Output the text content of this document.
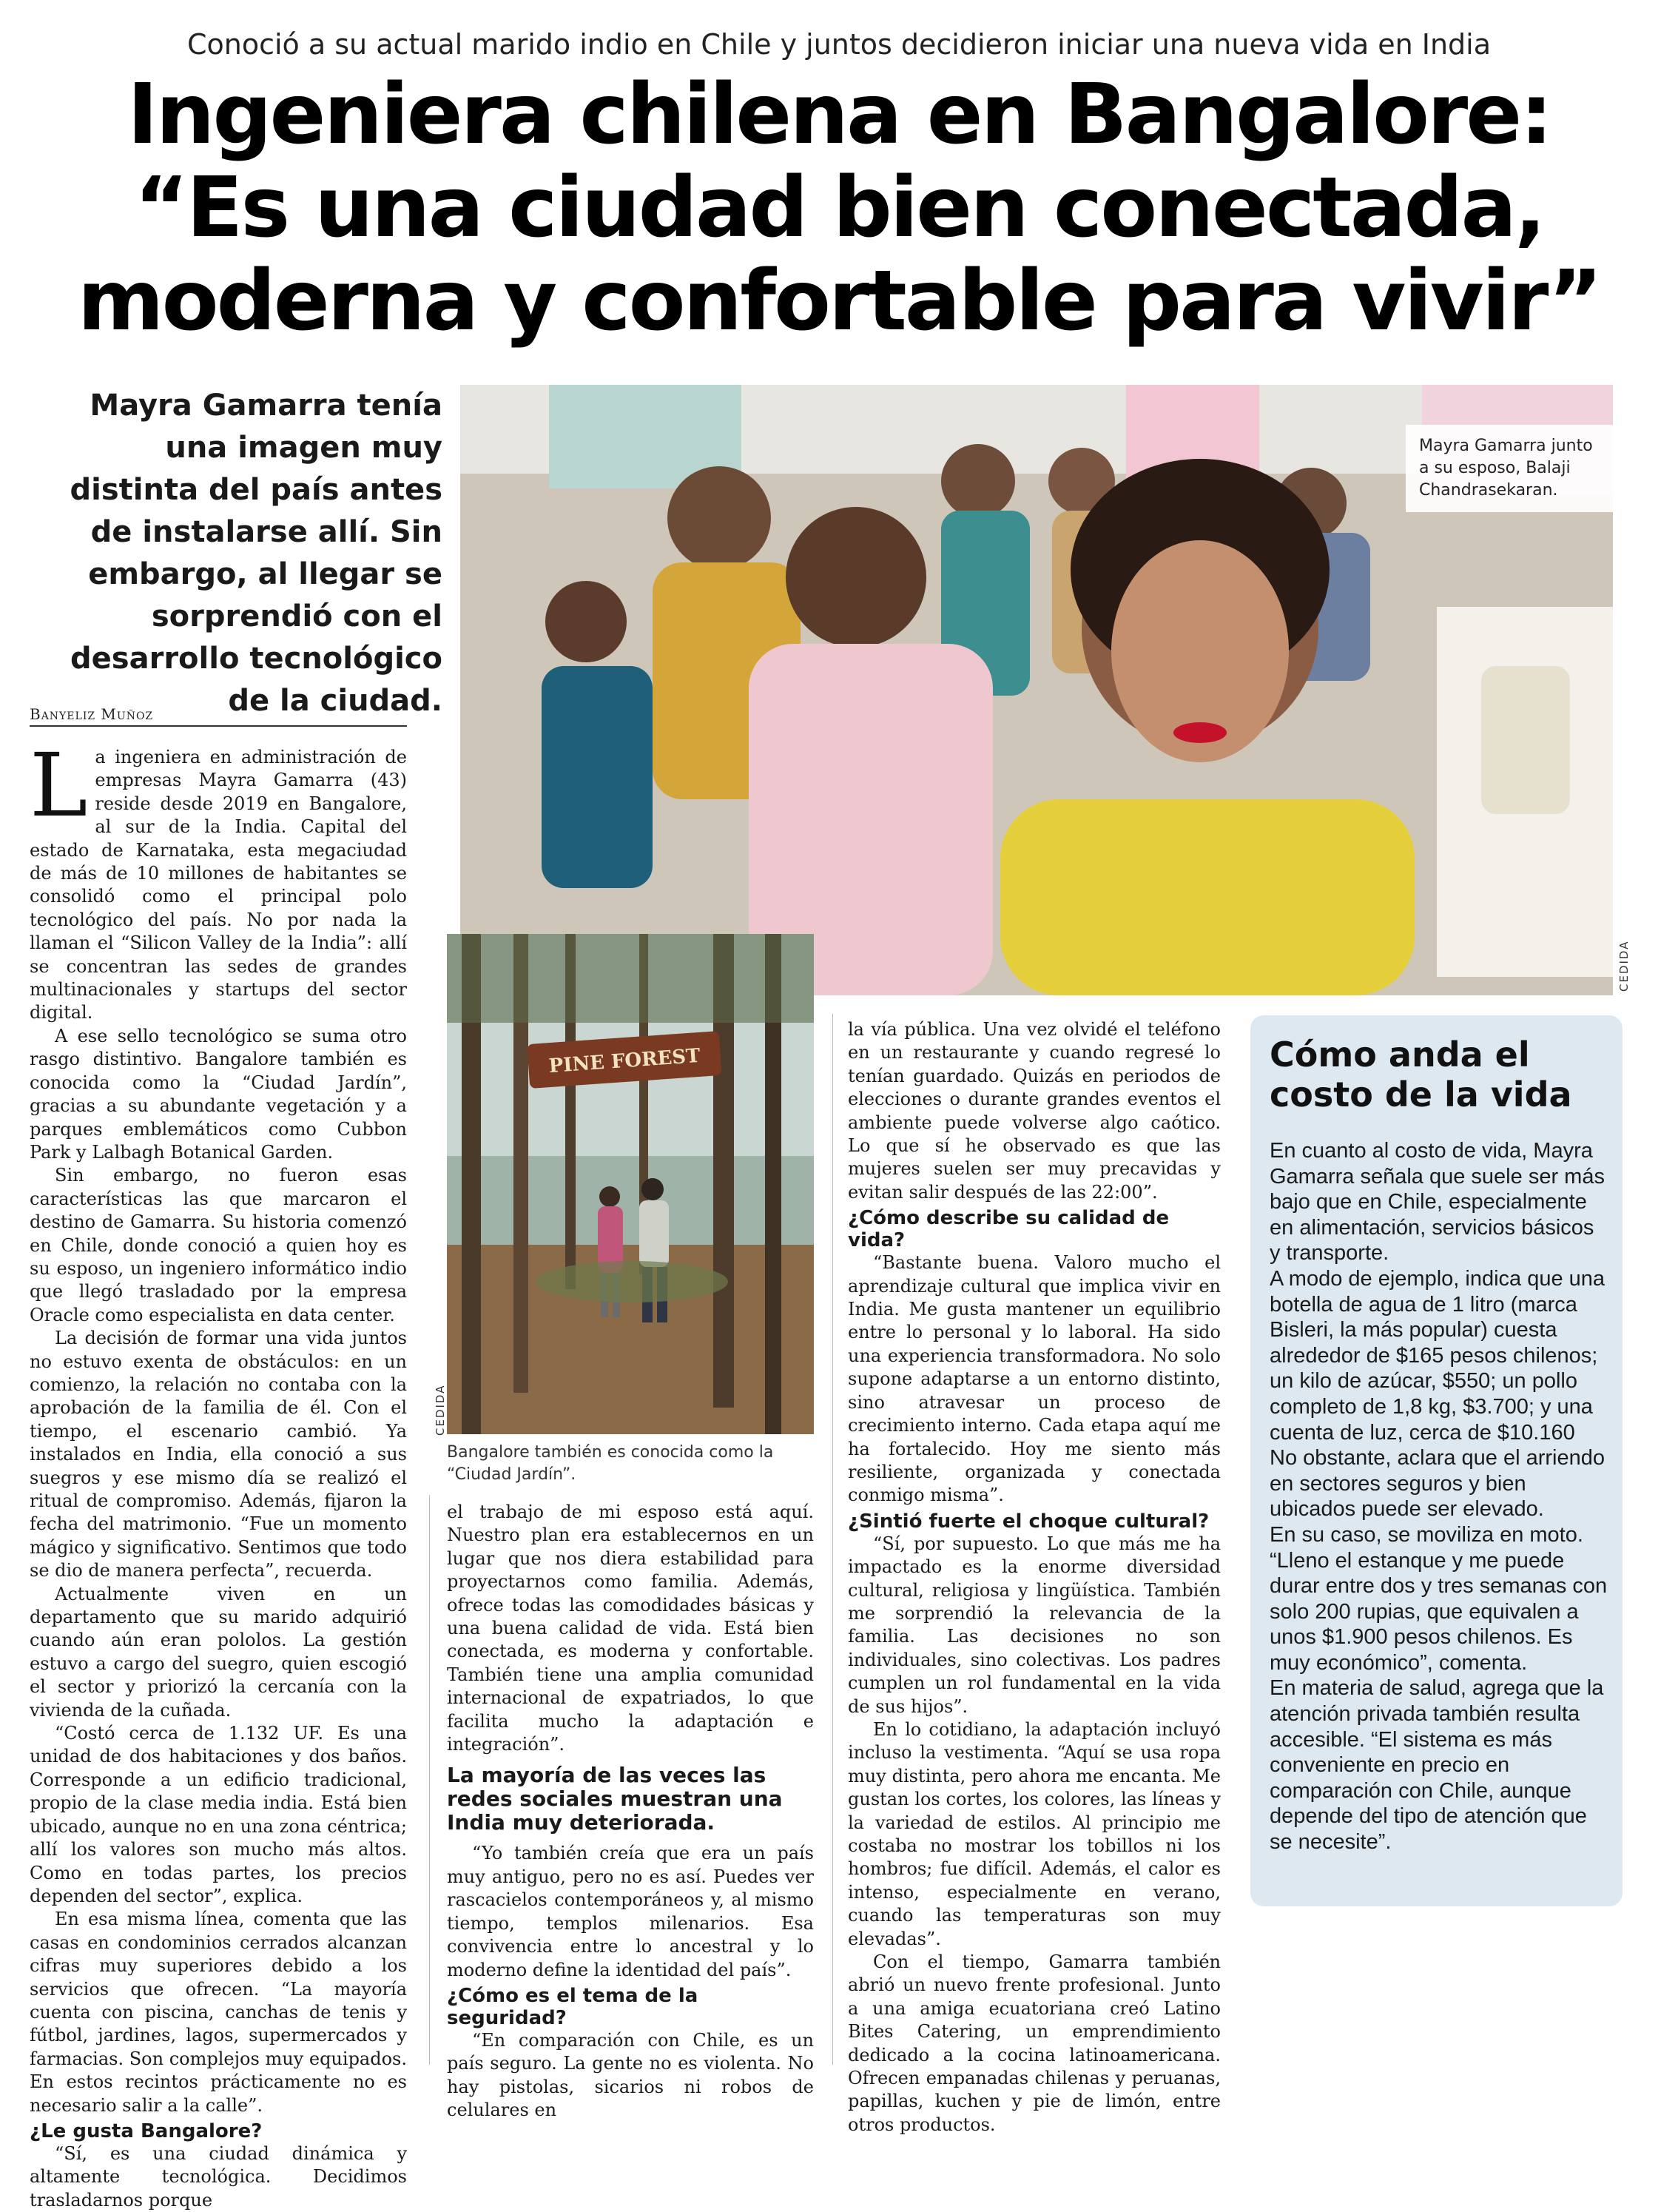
Conoció a su actual marido indio en Chile y juntos decidieron iniciar una nueva vida en India
Ingeniera chilena en Bangalore: “Es una ciudad bien conectada, moderna y confortable para vivir”
Mayra Gamarra tenía una imagen muy distinta del país antes de instalarse allí. Sin embargo, al llegar se sorprendió con el desarrollo tecnológico de la ciudad.
Banyeliz Muñoz
Mayra Gamarra junto a su esposo, Balaji Chandrasekaran.
CEDIDA
PINE FOREST
CEDIDA
Bangalore también es conocida como la “Ciudad Jardín”.

La ingeniera en administración de empresas Mayra Gamarra (43) reside desde 2019 en Bangalore, al sur de la India. Capital del estado de Karnataka, esta megaciudad de más de 10 millones de habitantes se consolidó como el principal polo tecnológico del país. No por nada la llaman el “Silicon Valley de la India”: allí se concentran las sedes de grandes multinacionales y startups del sector digital.

A ese sello tecnológico se suma otro rasgo distintivo. Bangalore también es conocida como la “Ciudad Jardín”, gracias a su abundante vegetación y a parques emblemáticos como Cubbon Park y Lalbagh Botanical Garden.

Sin embargo, no fueron esas características las que marcaron el destino de Gamarra. Su historia comenzó en Chile, donde conoció a quien hoy es su esposo, un ingeniero informático indio que llegó trasladado por la empresa Oracle como especialista en data center.

La decisión de formar una vida juntos no estuvo exenta de obstáculos: en un comienzo, la relación no contaba con la aprobación de la familia de él. Con el tiempo, el escenario cambió. Ya instalados en India, ella conoció a sus suegros y ese mismo día se realizó el ritual de compromiso. Además, fijaron la fecha del matrimonio. “Fue un momento mágico y significativo. Sentimos que todo se dio de manera perfecta”, recuerda.

Actualmente viven en un departamento que su marido adquirió cuando aún eran pololos. La gestión estuvo a cargo del suegro, quien escogió el sector y priorizó la cercanía con la vivienda de la cuñada.

“Costó cerca de 1.132 UF. Es una unidad de dos habitaciones y dos baños. Corresponde a un edificio tradicional, propio de la clase media india. Está bien ubicado, aunque no en una zona céntrica; allí los valores son mucho más altos. Como en todas partes, los precios dependen del sector”, explica.

En esa misma línea, comenta que las casas en condominios cerrados alcanzan cifras muy superiores debido a los servicios que ofrecen. “La mayoría cuenta con piscina, canchas de tenis y fútbol, jardines, lagos, supermercados y farmacias. Son complejos muy equipados. En estos recintos prácticamente no es necesario salir a la calle”.

¿Le gusta Bangalore?

“Sí, es una ciudad dinámica y altamente tecnológica. Decidimos trasladarnos porque

el trabajo de mi esposo está aquí. Nuestro plan era establecernos en un lugar que nos diera estabilidad para proyectarnos como familia. Además, ofrece todas las comodidades básicas y una buena calidad de vida. Está bien conectada, es moderna y confortable. También tiene una amplia comunidad internacional de expatriados, lo que facilita mucho la adaptación e integración”.

La mayoría de las veces las redes sociales muestran una India muy deteriorada.

“Yo también creía que era un país muy antiguo, pero no es así. Puedes ver rascacielos contemporáneos y, al mismo tiempo, templos milenarios. Esa convivencia entre lo ancestral y lo moderno define la identidad del país”.

¿Cómo es el tema de la seguridad?

“En comparación con Chile, es un país seguro. La gente no es violenta. No hay pistolas, sicarios ni robos de celulares en

la vía pública. Una vez olvidé el teléfono en un restaurante y cuando regresé lo tenían guardado. Quizás en periodos de elecciones o durante grandes eventos el ambiente puede volverse algo caótico. Lo que sí he observado es que las mujeres suelen ser muy precavidas y evitan salir después de las 22:00”.

¿Cómo describe su calidad de vida?

“Bastante buena. Valoro mucho el aprendizaje cultural que implica vivir en India. Me gusta mantener un equilibrio entre lo personal y lo laboral. Ha sido una experiencia transformadora. No solo supone adaptarse a un entorno distinto, sino atravesar un proceso de crecimiento interno. Cada etapa aquí me ha fortalecido. Hoy me siento más resiliente, organizada y conectada conmigo misma”.

¿Sintió fuerte el choque cultural?

“Sí, por supuesto. Lo que más me ha impactado es la enorme diversidad cultural, religiosa y lingüística. También me sorprendió la relevancia de la familia. Las decisiones no son individuales, sino colectivas. Los padres cumplen un rol fundamental en la vida de sus hijos”.

En lo cotidiano, la adaptación incluyó incluso la vestimenta. “Aquí se usa ropa muy distinta, pero ahora me encanta. Me gustan los cortes, los colores, las líneas y la variedad de estilos. Al principio me costaba no mostrar los tobillos ni los hombros; fue difícil. Además, el calor es intenso, especialmente en verano, cuando las temperaturas son muy elevadas”.

Con el tiempo, Gamarra también abrió un nuevo frente profesional. Junto a una amiga ecuatoriana creó Latino Bites Catering, un emprendimiento dedicado a la cocina latinoamericana. Ofrecen empanadas chilenas y peruanas, papillas, kuchen y pie de limón, entre otros productos.

Cómo anda el costo de la vida

En cuanto al costo de vida, Mayra Gamarra señala que suele ser más bajo que en Chile, especialmente en alimentación, servicios básicos y transporte.

A modo de ejemplo, indica que una botella de agua de 1 litro (marca Bisleri, la más popular) cuesta alrededor de $165 pesos chilenos; un kilo de azúcar, $550; un pollo completo de 1,8 kg, $3.700; y una cuenta de luz, cerca de $10.160

No obstante, aclara que el arriendo en sectores seguros y bien ubicados puede ser elevado.

En su caso, se moviliza en moto. “Lleno el estanque y me puede durar entre dos y tres semanas con solo 200 rupias, que equivalen a unos $1.900 pesos chilenos. Es muy económico”, comenta.

En materia de salud, agrega que la atención privada también resulta accesible. “El sistema es más conveniente en precio en comparación con Chile, aunque depende del tipo de atención que se necesite”.
